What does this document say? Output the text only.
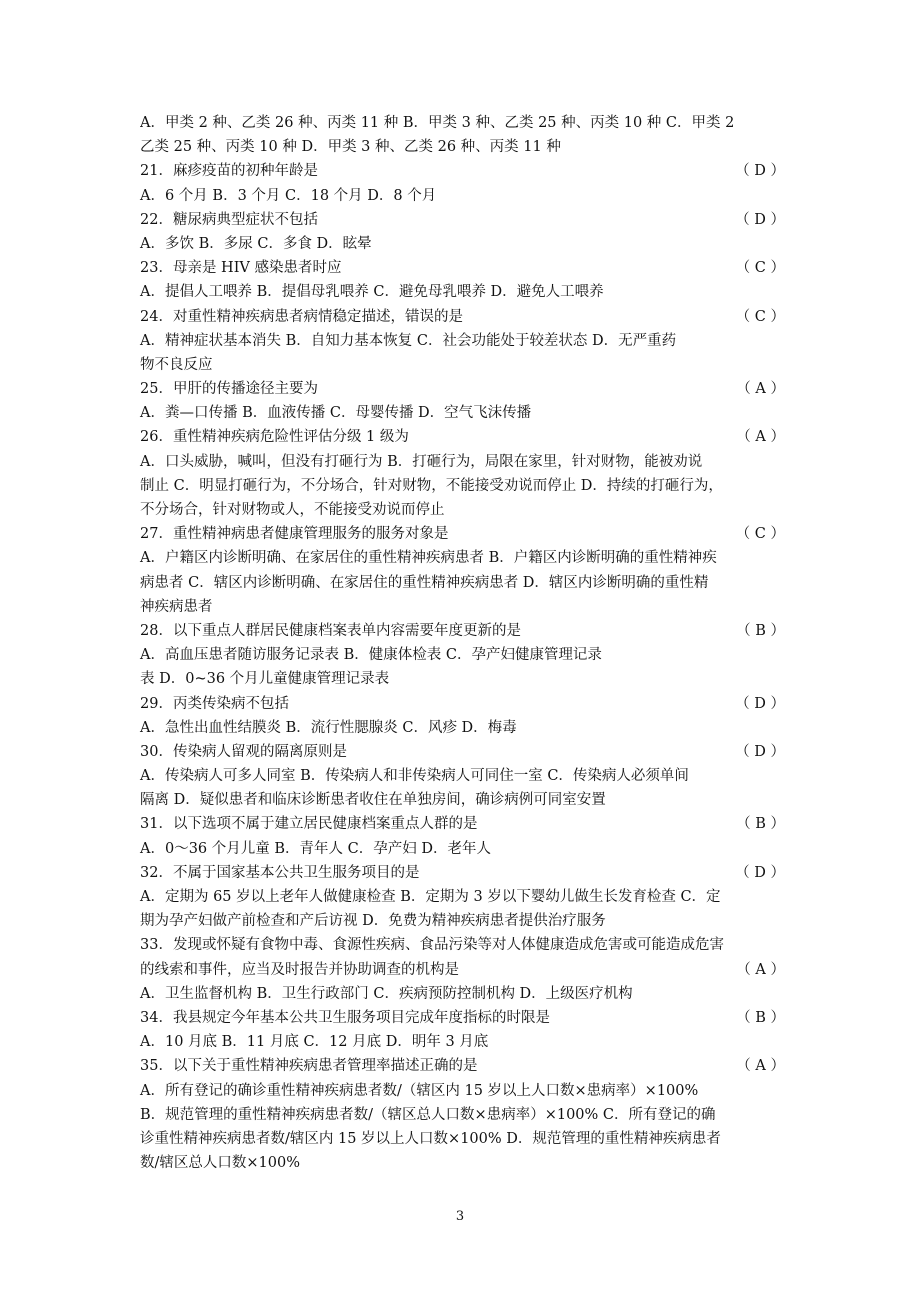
A．甲类 2 种、乙类 26 种、丙类 11 种 B．甲类 3 种、乙类 25 种、丙类 10 种 C．甲类 2
乙类 25 种、丙类 10 种 D．甲类 3 种、乙类 26 种、丙类 11 种
21．麻疹疫苗的初种年龄是	（ D ）
A．6 个月 B．3 个月 C．18 个月 D．8 个月
22．糖尿病典型症状不包括	（ D ）
A．多饮 B．多尿 C．多食 D．眩晕
23．母亲是 HIV 感染患者时应	（ C ）
A．提倡人工喂养 B．提倡母乳喂养 C．避免母乳喂养 D．避免人工喂养
24．对重性精神疾病患者病情稳定描述，错误的是	（ C ）
A．精神症状基本消失 B．自知力基本恢复 C．社会功能处于较差状态 D．无严重药
物不良反应
25．甲肝的传播途径主要为	（ A ）
A．粪—口传播 B．血液传播 C．母婴传播 D．空气飞沫传播
26．重性精神疾病危险性评估分级 1 级为	（ A ）
A．口头威胁，喊叫，但没有打砸行为 B．打砸行为，局限在家里，针对财物，能被劝说
制止 C．明显打砸行为，不分场合，针对财物，不能接受劝说而停止 D．持续的打砸行为，
不分场合，针对财物或人，不能接受劝说而停止
27．重性精神病患者健康管理服务的服务对象是	（ C ）
A．户籍区内诊断明确、在家居住的重性精神疾病患者 B．户籍区内诊断明确的重性精神疾
病患者 C．辖区内诊断明确、在家居住的重性精神疾病患者 D．辖区内诊断明确的重性精
神疾病患者
28．以下重点人群居民健康档案表单内容需要年度更新的是	（ B ）
A．高血压患者随访服务记录表 B．健康体检表 C．孕产妇健康管理记录
表 D．0~36 个月儿童健康管理记录表
29．丙类传染病不包括	（ D ）
A．急性出血性结膜炎 B．流行性腮腺炎 C．风疹 D．梅毒
30．传染病人留观的隔离原则是	（ D ）
A．传染病人可多人同室 B．传染病人和非传染病人可同住一室 C．传染病人必须单间
隔离 D．疑似患者和临床诊断患者收住在单独房间，确诊病例可同室安置
31．以下选项不属于建立居民健康档案重点人群的是	（ B ）
A．0～36 个月儿童 B．青年人 C．孕产妇 D．老年人
32．不属于国家基本公共卫生服务项目的是	（ D ）
A．定期为 65 岁以上老年人做健康检查 B．定期为 3 岁以下婴幼儿做生长发育检查 C．定
期为孕产妇做产前检查和产后访视 D．免费为精神疾病患者提供治疗服务
33．发现或怀疑有食物中毒、食源性疾病、食品污染等对人体健康造成危害或可能造成危害
的线索和事件，应当及时报告并协助调查的机构是	（ A ）
A．卫生监督机构 B．卫生行政部门 C．疾病预防控制机构 D．上级医疗机构
34．我县规定今年基本公共卫生服务项目完成年度指标的时限是	（ B ）
A．10 月底 B．11 月底 C．12 月底 D．明年 3 月底
35．以下关于重性精神疾病患者管理率描述正确的是	（ A ）
A．所有登记的确诊重性精神疾病患者数/（辖区内 15 岁以上人口数×患病率）×100%
B．规范管理的重性精神疾病患者数/（辖区总人口数×患病率）×100% C．所有登记的确
诊重性精神疾病患者数/辖区内 15 岁以上人口数×100% D．规范管理的重性精神疾病患者
数/辖区总人口数×100%
3
